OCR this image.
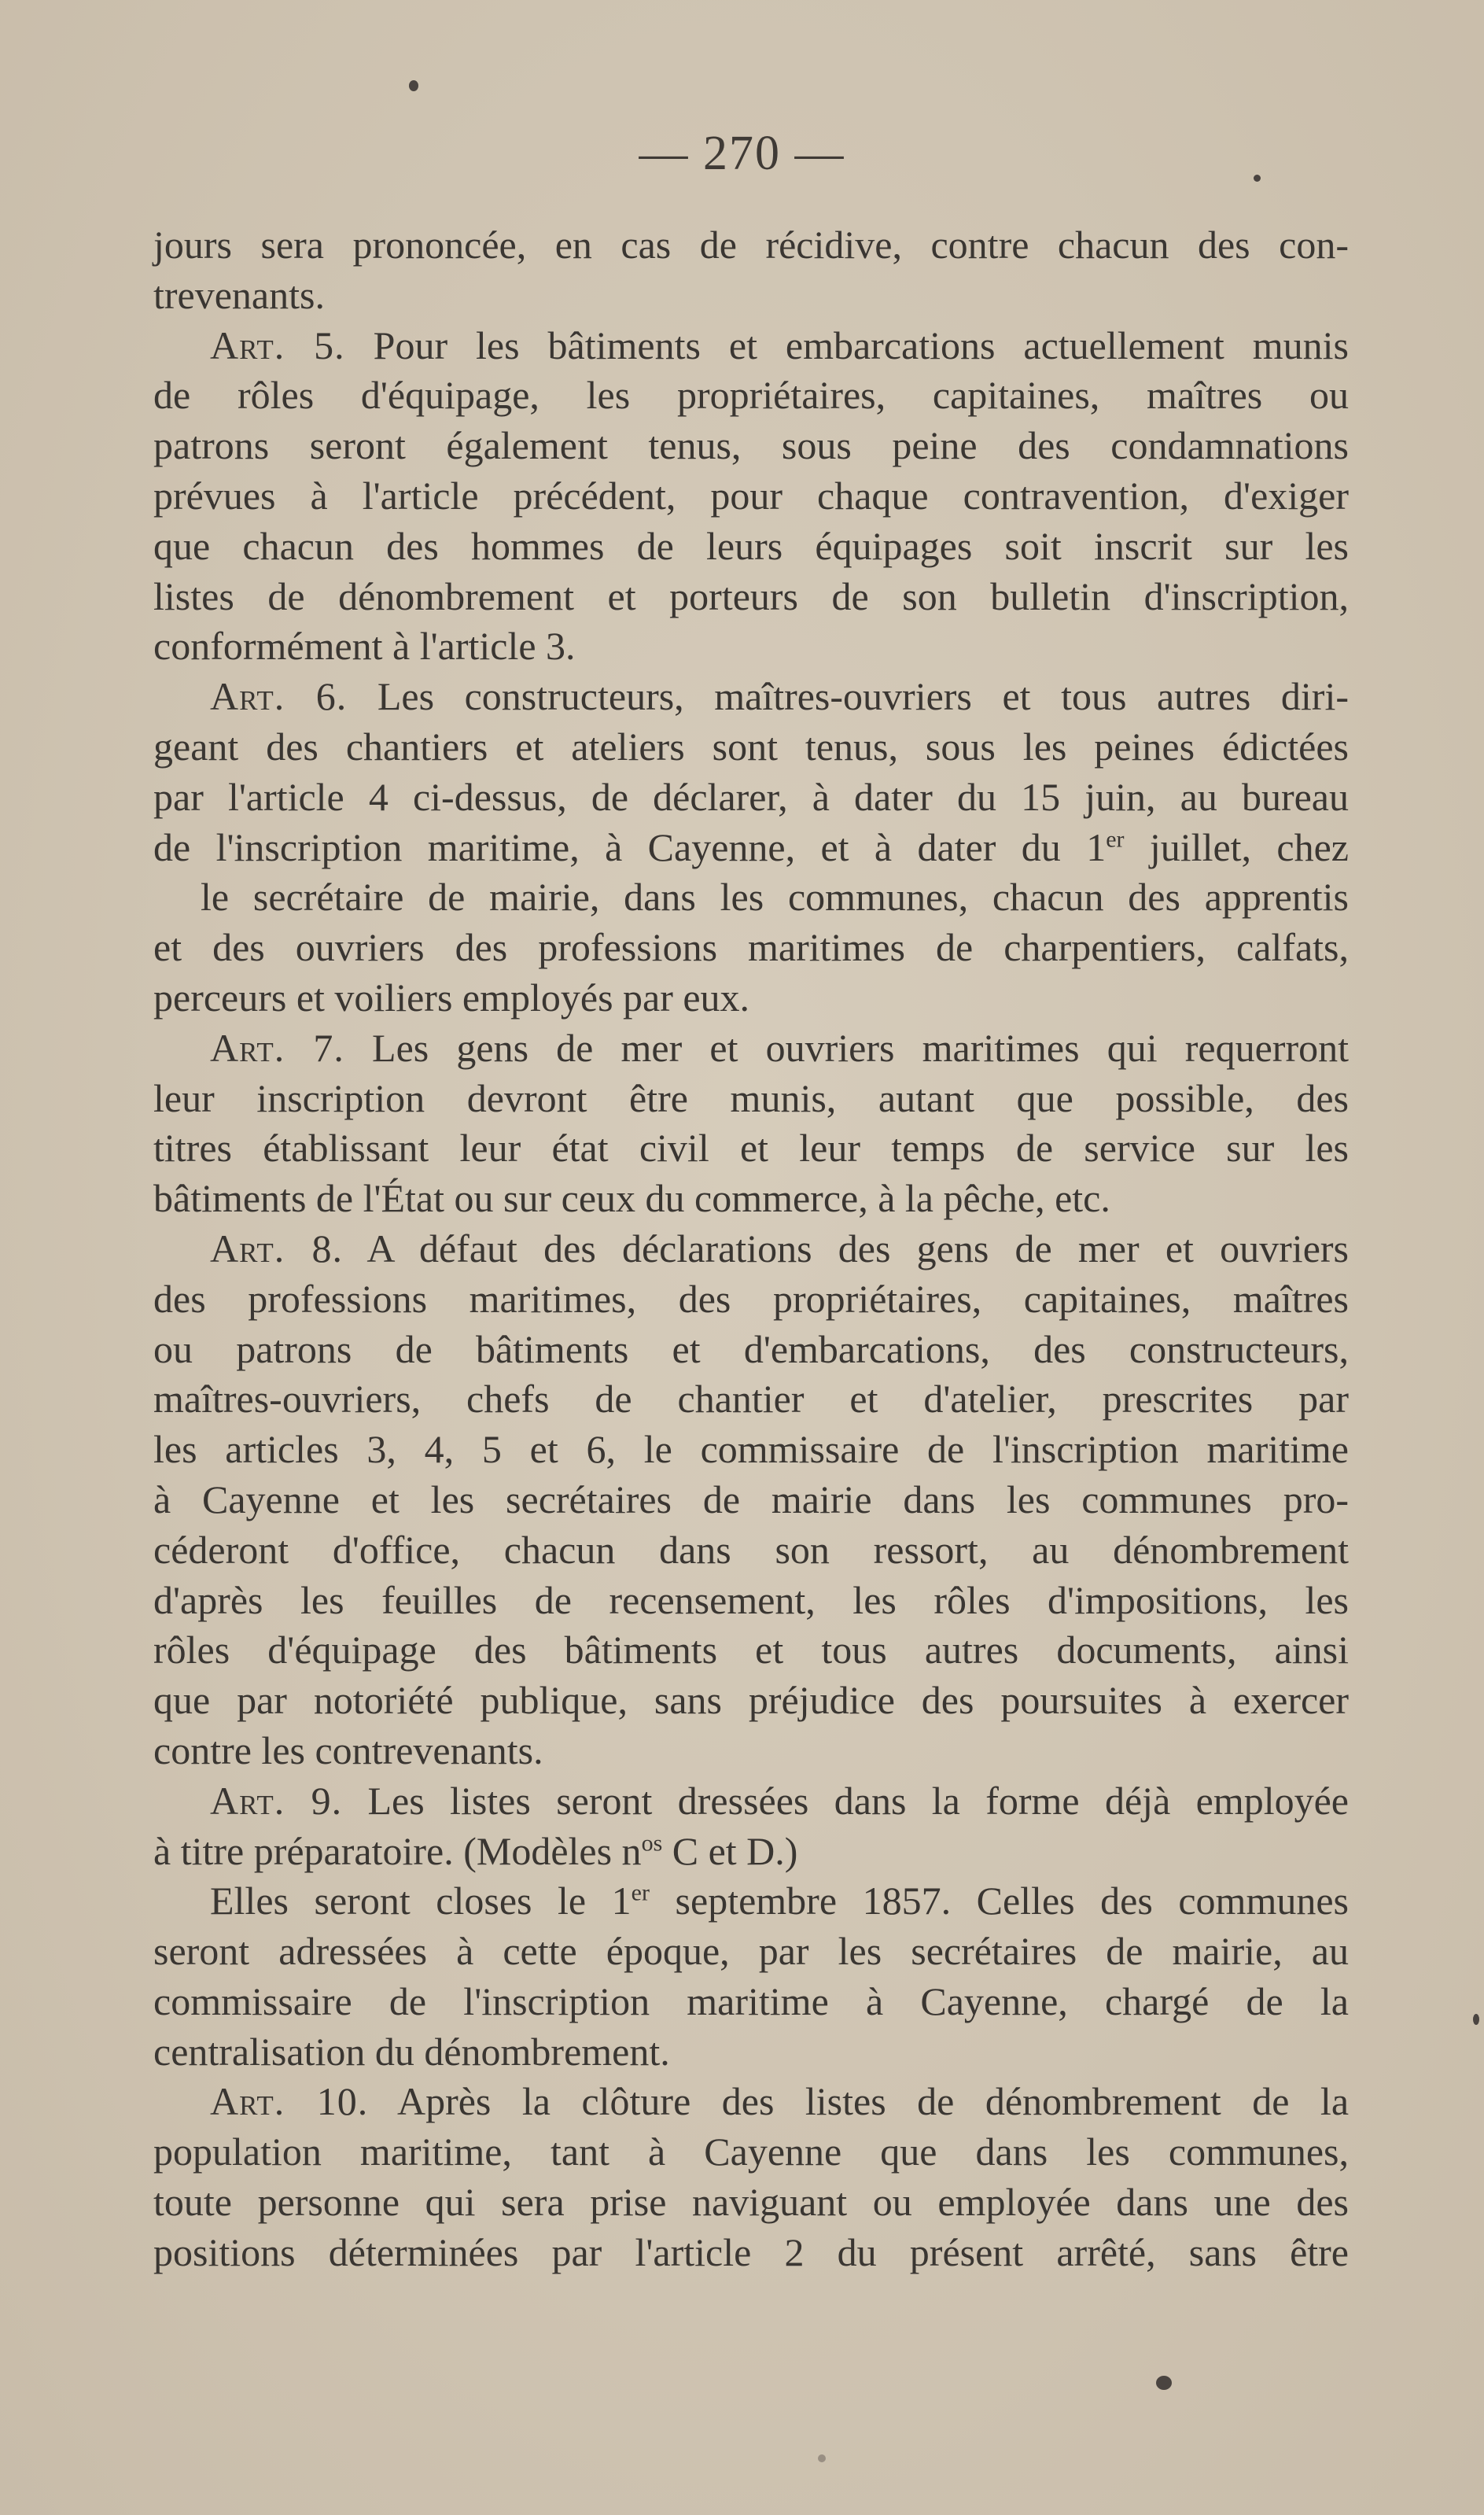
— 270 —
jours sera prononcée, en cas de récidive, contre chacun des con-
trevenants.
Art. 5. Pour les bâtiments et embarcations actuellement munis
de rôles d'équipage, les propriétaires, capitaines, maîtres ou
patrons seront également tenus, sous peine des condamnations
prévues à l'article précédent, pour chaque contravention, d'exiger
que chacun des hommes de leurs équipages soit inscrit sur les
listes de dénombrement et porteurs de son bulletin d'inscription,
conformément à l'article 3.
Art. 6. Les constructeurs, maîtres-ouvriers et tous autres diri-
geant des chantiers et ateliers sont tenus, sous les peines édictées
par l'article 4 ci-dessus, de déclarer, à dater du 15 juin, au bureau
de l'inscription maritime, à Cayenne, et à dater du 1er juillet, chez
le secrétaire de mairie, dans les communes, chacun des apprentis
et des ouvriers des professions maritimes de charpentiers, calfats,
perceurs et voiliers employés par eux.
Art. 7. Les gens de mer et ouvriers maritimes qui requerront
leur inscription devront être munis, autant que possible, des
titres établissant leur état civil et leur temps de service sur les
bâtiments de l'État ou sur ceux du commerce, à la pêche, etc.
Art. 8. A défaut des déclarations des gens de mer et ouvriers
des professions maritimes, des propriétaires, capitaines, maîtres
ou patrons de bâtiments et d'embarcations, des constructeurs,
maîtres-ouvriers, chefs de chantier et d'atelier, prescrites par
les articles 3, 4, 5 et 6, le commissaire de l'inscription maritime
à Cayenne et les secrétaires de mairie dans les communes pro-
céderont d'office, chacun dans son ressort, au dénombrement
d'après les feuilles de recensement, les rôles d'impositions, les
rôles d'équipage des bâtiments et tous autres documents, ainsi
que par notoriété publique, sans préjudice des poursuites à exercer
contre les contrevenants.
Art. 9. Les listes seront dressées dans la forme déjà employée
à titre préparatoire. (Modèles $n^{os}$ C et D.)
Elles seront closes le 1er septembre 1857. Celles des communes
seront adressées à cette époque, par les secrétaires de mairie, au
commissaire de l'inscription maritime à Cayenne, chargé de la
centralisation du dénombrement.
Art. 10. Après la clôture des listes de dénombrement de la
population maritime, tant à Cayenne que dans les communes,
toute personne qui sera prise naviguant ou employée dans une des
positions déterminées par l'article 2 du présent arrêté, sans être
